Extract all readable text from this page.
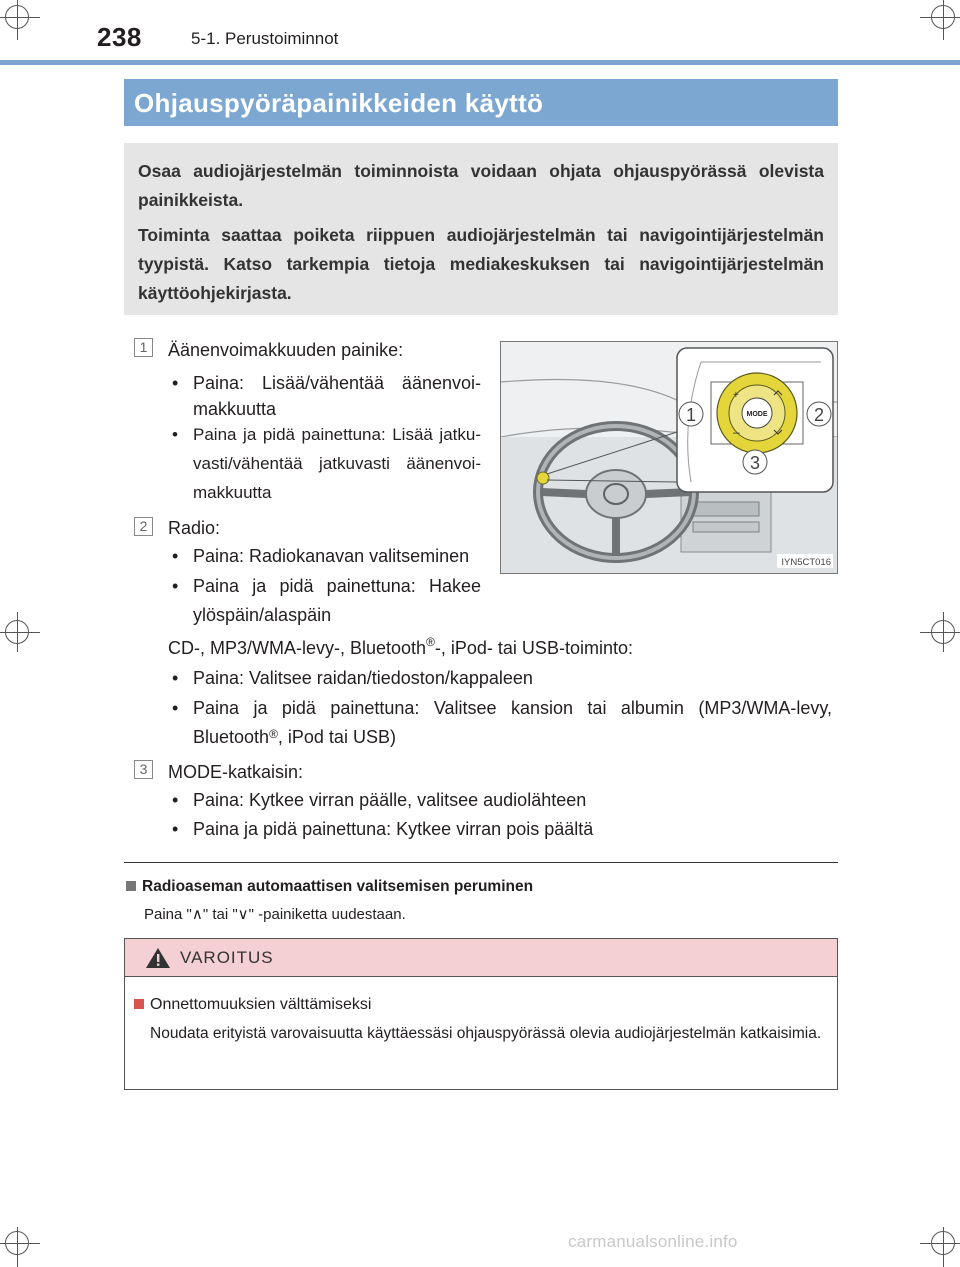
238	5-1. Perustoiminnot
Ohjauspyöräpainikkeiden käyttö

Osaa audiojärjestelmän toiminnoista voidaan ohjata ohjauspyörässä olevista painikkeista.

Toiminta saattaa poiketa riippuen audiojärjestelmän tai navigointijärjestelmän tyypistä. Katso tarkempia tietoja mediakeskuksen tai navigointijärjestelmän käyttöohjekirjasta.

1	Äänenvoimakkuuden painike:
• Paina: Lisää/vähentää äänenvoi-
makkuutta
• Paina ja pidä painettuna: Lisää jatku-
vasti/vähentää jatkuvasti äänenvoi-
makkuutta
2	Radio:
• Paina: Radiokanavan valitseminen
• Paina ja pidä painettuna: Hakee
ylöspäin/alaspäin
CD-, MP3/WMA-levy-, Bluetooth®-, iPod- tai USB-toiminto:
• Paina: Valitsee raidan/tiedoston/kappaleen
• Paina ja pidä painettuna: Valitsee kansion tai albumin (MP3/WMA-levy,
Bluetooth®, iPod tai USB)
3	MODE-katkaisin:
• Paina: Kytkee virran päälle, valitsee audiolähteen
• Paina ja pidä painettuna: Kytkee virran pois päältä
MODE
+
–
1	2
3
IYN5CT016
Radioaseman automaattisen valitsemisen peruminen
Paina "∧" tai "∨" -painiketta uudestaan.
VAROITUS
Onnettomuuksien välttämiseksi
Noudata erityistä varovaisuutta käyttäessäsi ohjauspyörässä olevia audiojärjestelmän katkaisimia.
carmanualsonline.info
